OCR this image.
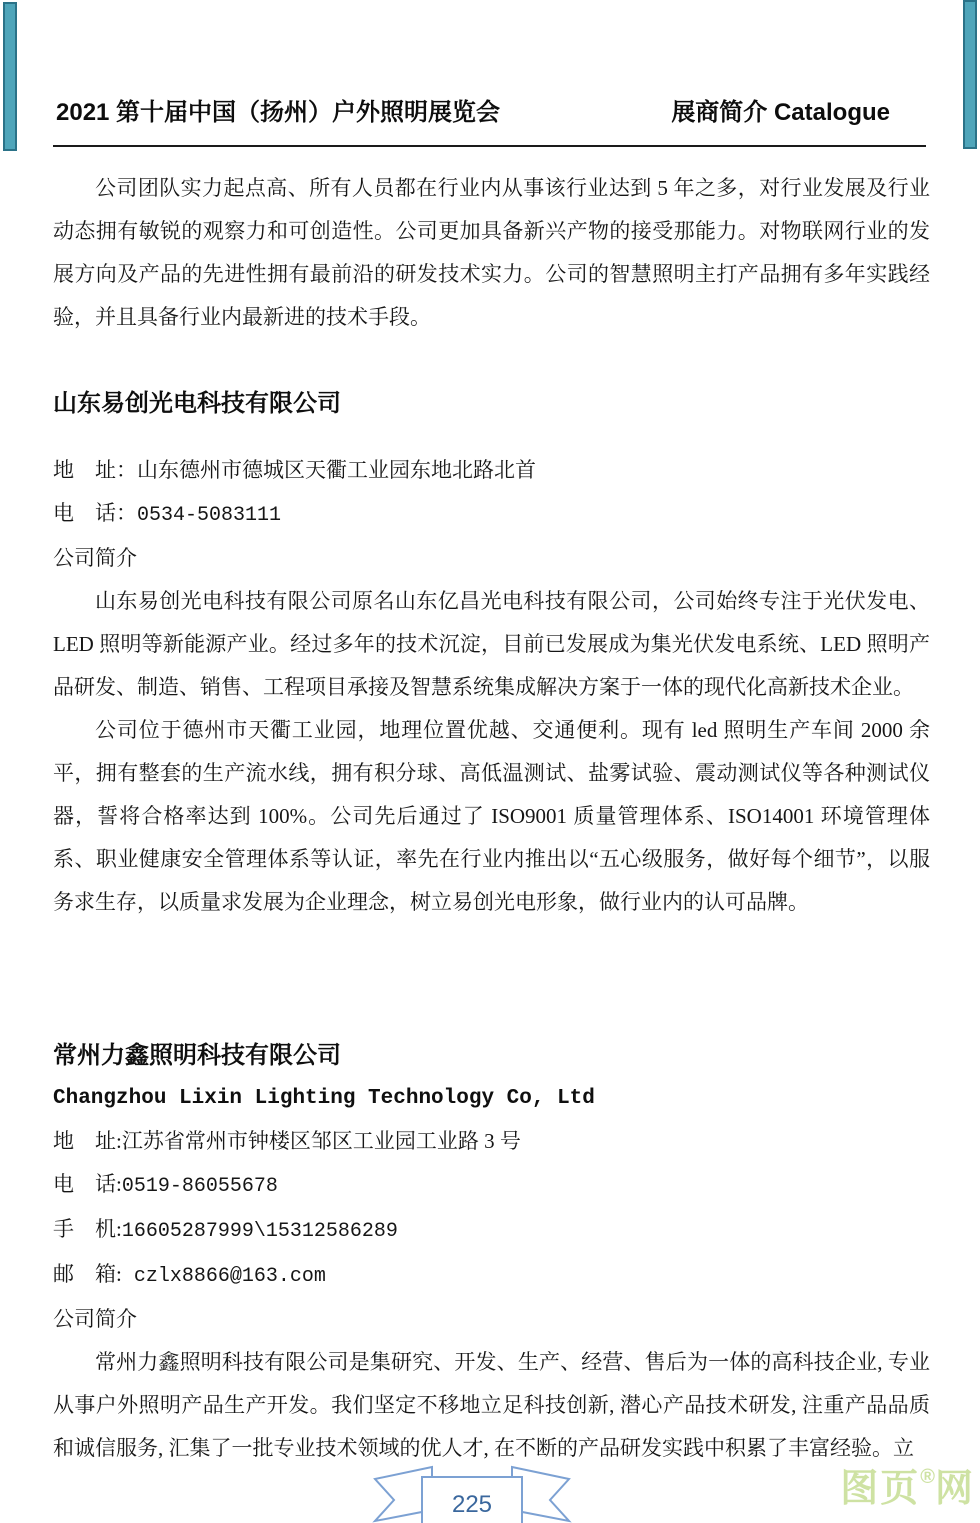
2021 第十届中国（扬州）户外照明展览会	展商简介 Catalogue

公司团队实力起点高、所有人员都在行业内从事该行业达到 5 年之多，对行业发展及行业动态拥有敏锐的观察力和可创造性。公司更加具备新兴产物的接受那能力。对物联网行业的发展方向及产品的先进性拥有最前沿的研发技术实力。公司的智慧照明主打产品拥有多年实践经验，并且具备行业内最新进的技术手段。

山东易创光电科技有限公司
地　址：山东德州市德城区天衢工业园东地北路北首
电　话：0534-5083111
公司简介

山东易创光电科技有限公司原名山东亿昌光电科技有限公司，公司始终专注于光伏发电、LED 照明等新能源产业。经过多年的技术沉淀，目前已发展成为集光伏发电系统、LED 照明产品研发、制造、销售、工程项目承接及智慧系统集成解决方案于一体的现代化高新技术企业。

公司位于德州市天衢工业园，地理位置优越、交通便利。现有 led 照明生产车间 2000 余平，拥有整套的生产流水线，拥有积分球、高低温测试、盐雾试验、震动测试仪等各种测试仪器，誓将合格率达到 100%。公司先后通过了 ISO9001 质量管理体系、ISO14001 环境管理体系、职业健康安全管理体系等认证，率先在行业内推出以“五心级服务，做好每个细节”，以服务求生存，以质量求发展为企业理念，树立易创光电形象，做行业内的认可品牌。

常州力鑫照明科技有限公司
Changzhou Lixin Lighting Technology Co, Ltd
地　址:江苏省常州市钟楼区邹区工业园工业路 3 号
电　话:0519-86055678
手　机:16605287999\15312586289
邮　箱: czlx8866@163.com
公司简介

常州力鑫照明科技有限公司是集研究、开发、生产、经营、售后为一体的高科技企业, 专业从事户外照明产品生产开发。我们坚定不移地立足科技创新, 潜心产品技术研发, 注重产品品质和诚信服务, 汇集了一批专业技术领域的优人才, 在不断的产品研发实践中积累了丰富经验。立

225	图页®网
